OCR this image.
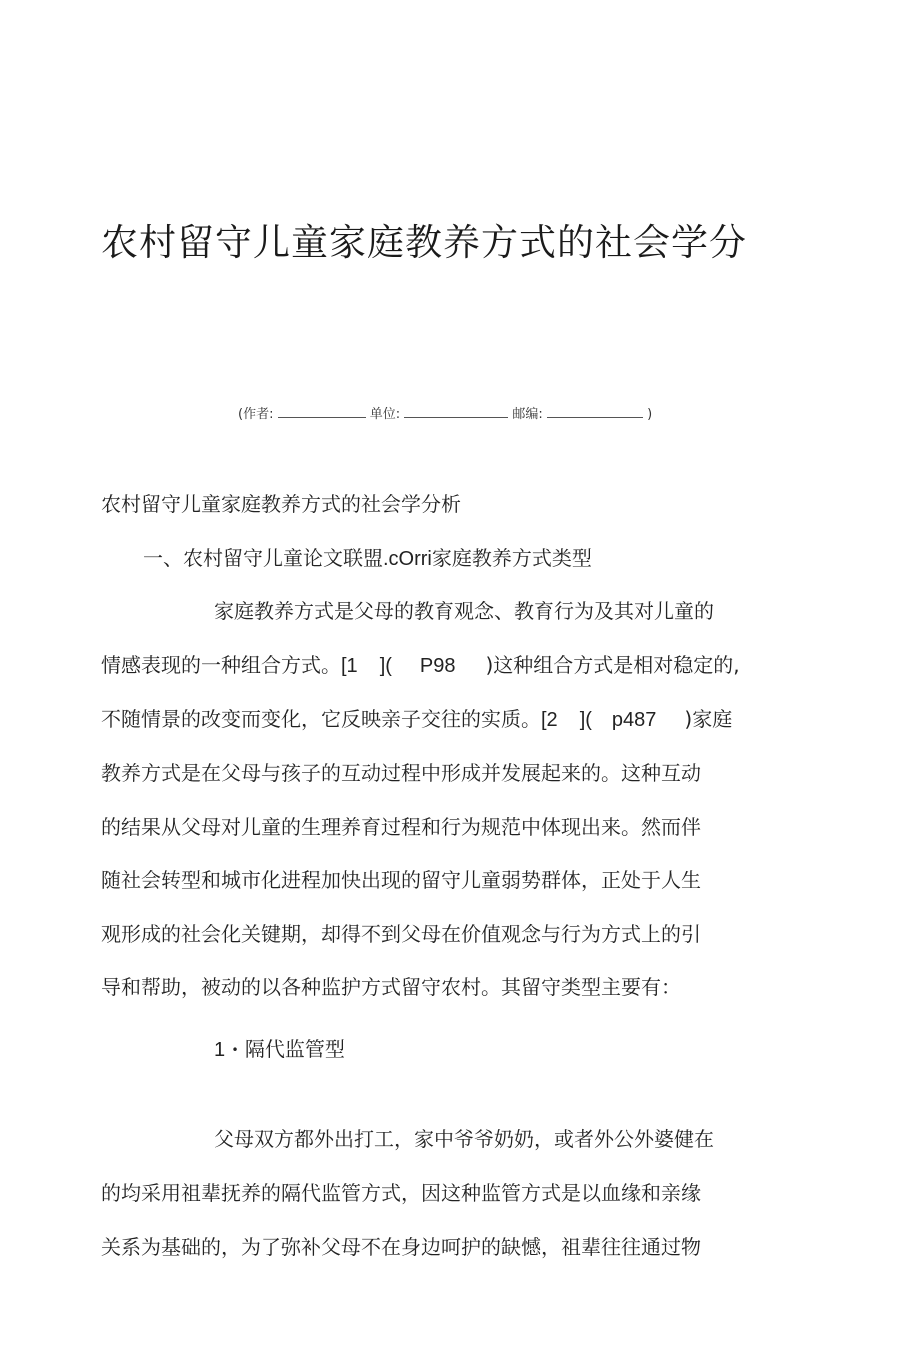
农村留守儿童家庭教养方式的社会学分
(作者:	单位:	邮编:	)
农村留守儿童家庭教养方式的社会学分析
一、农村留守儿童论文联盟.cOrri家庭教养方式类型
家庭教养方式是父母的教育观念、教育行为及其对儿童的
情感表现的一种组合方式。[1 ]( P98 )这种组合方式是相对稳定的,
不随情景的改变而变化，它反映亲子交往的实质。[2 ]( p487 )家庭
教养方式是在父母与孩子的互动过程中形成并发展起来的。这种互动
的结果从父母对儿童的生理养育过程和行为规范中体现出来。然而伴
随社会转型和城市化进程加快出现的留守儿童弱势群体，正处于人生
观形成的社会化关键期，却得不到父母在价值观念与行为方式上的引
导和帮助，被动的以各种监护方式留守农村。其留守类型主要有：
1 • 隔代监管型
父母双方都外出打工，家中爷爷奶奶，或者外公外婆健在
的均采用祖辈抚养的隔代监管方式，因这种监管方式是以血缘和亲缘
关系为基础的，为了弥补父母不在身边呵护的缺憾，祖辈往往通过物
